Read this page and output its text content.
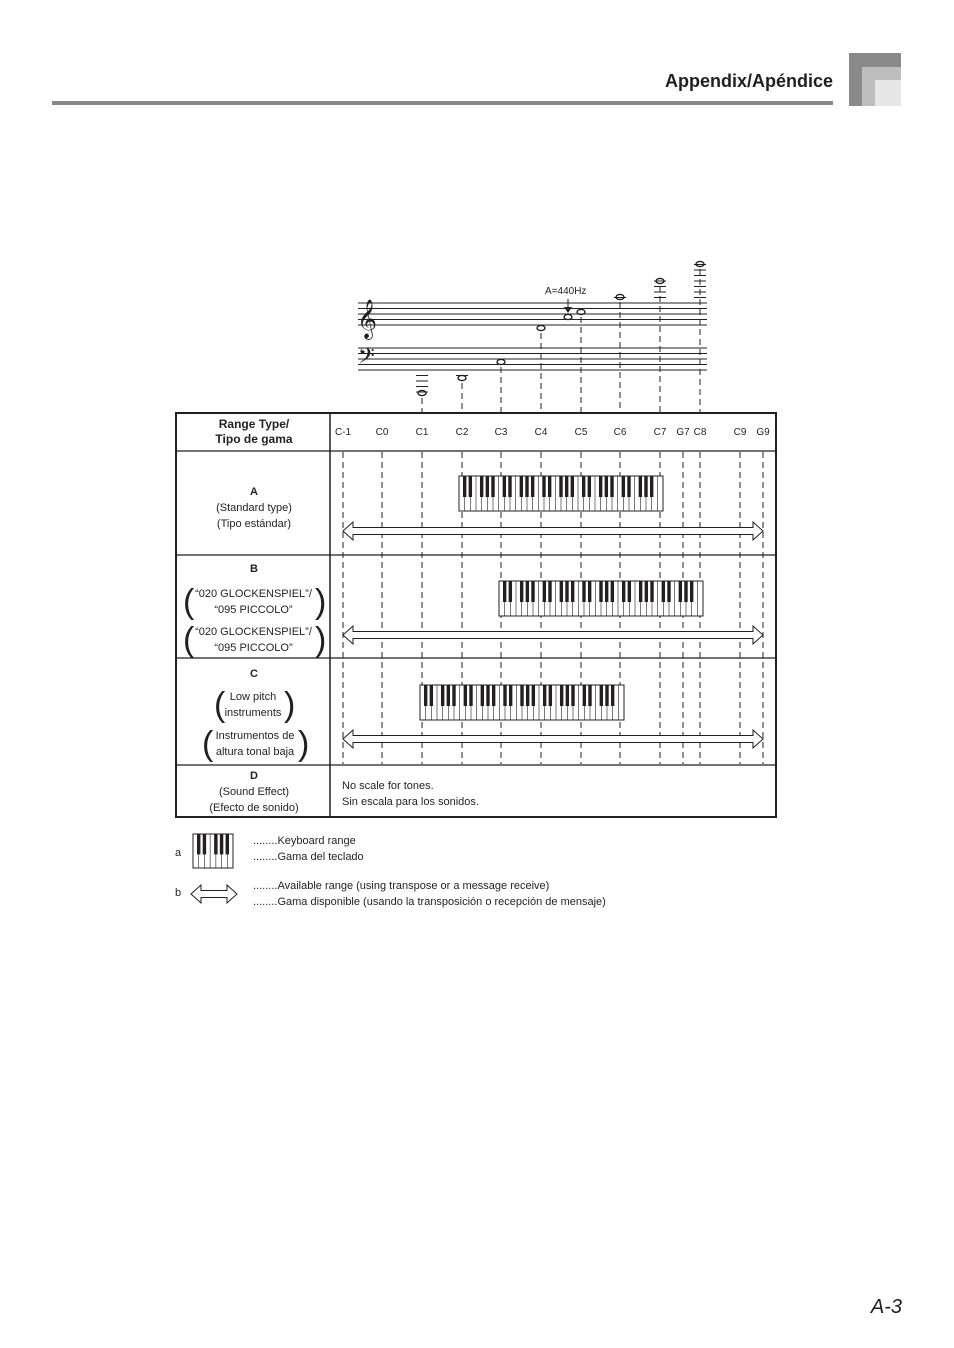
Appendix/Apéndice
𝄞
𝄢
A=440Hz
C-1 C0	C1	C2	C3	C4	C5	C6	C7 G7 C8	C9 G9
Range Type/
Tipo de gama
A
(Standard type)
(Tipo estándar)
B
( “020 GLOCKENSPIEL”/
“095 PICCOLO” )
( “020 GLOCKENSPIEL”/
“095 PICCOLO” )
C
( Low pitch
instruments )
( Instrumentos de
altura tonal baja )
D
(Sound Effect)
(Efecto de sonido)
No scale for tones.
Sin escala para los sonidos.
a
........Keyboard range
........Gama del teclado
b
........Available range (using transpose or a message receive)
........Gama disponible (usando la transposición o recepción de mensaje)
A-3
